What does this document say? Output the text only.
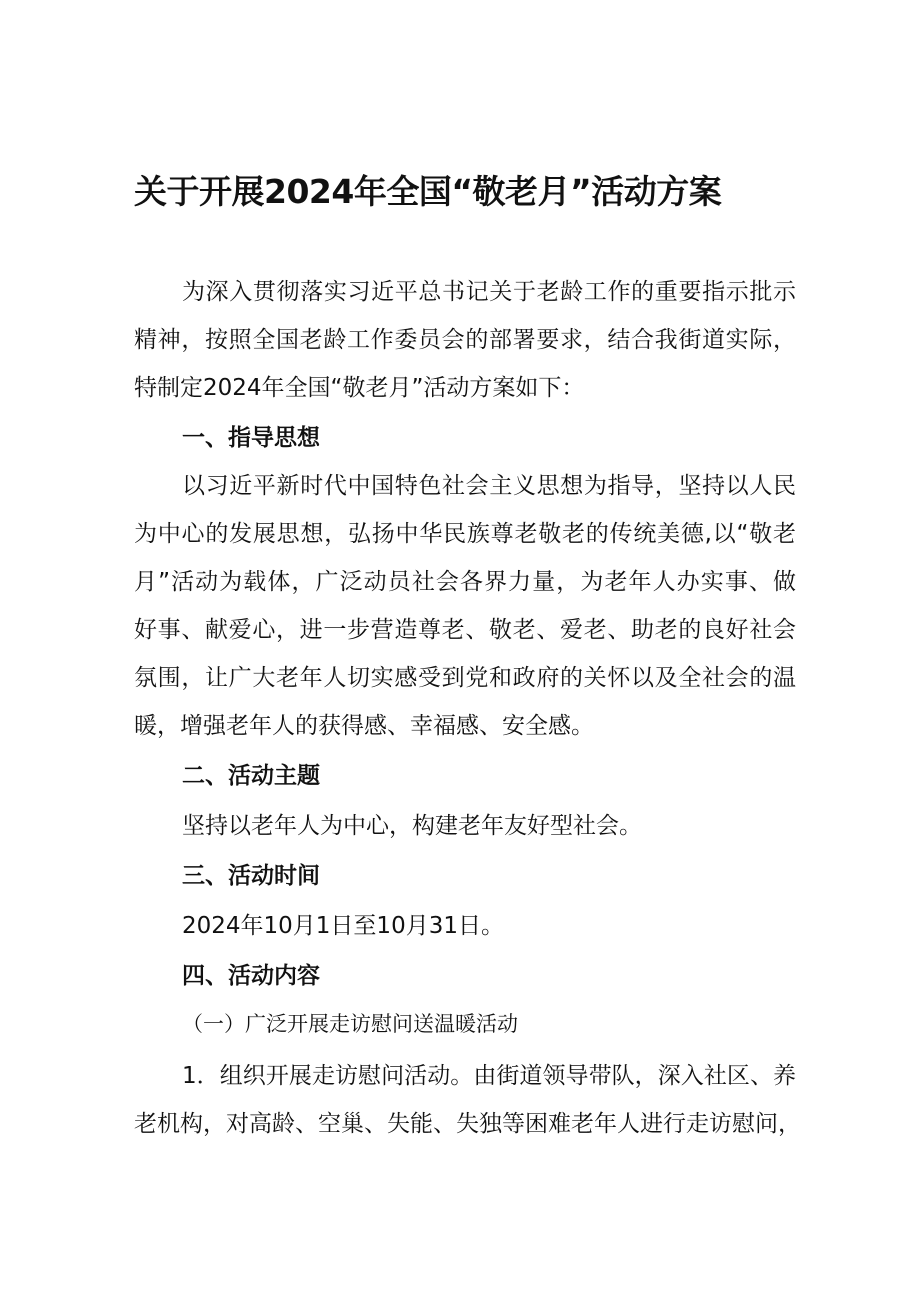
关于开展2024年全国“敬老月”活动方案

为深入贯彻落实习近平总书记关于老龄工作的重要指示批示

精神，按照全国老龄工作委员会的部署要求，结合我街道实际，

特制定2024年全国“敬老月”活动方案如下：

一、指导思想

以习近平新时代中国特色社会主义思想为指导，坚持以人民

为中心的发展思想，弘扬中华民族尊老敬老的传统美德,以“敬老

月”活动为载体，广泛动员社会各界力量，为老年人办实事、做

好事、献爱心，进一步营造尊老、敬老、爱老、助老的良好社会

氛围，让广大老年人切实感受到党和政府的关怀以及全社会的温

暖，增强老年人的获得感、幸福感、安全感。

二、活动主题

坚持以老年人为中心，构建老年友好型社会。

三、活动时间

2024年10月1日至10月31日。

四、活动内容

（一）广泛开展走访慰问送温暖活动

1．组织开展走访慰问活动。由街道领导带队，深入社区、养

老机构，对高龄、空巢、失能、失独等困难老年人进行走访慰问，
